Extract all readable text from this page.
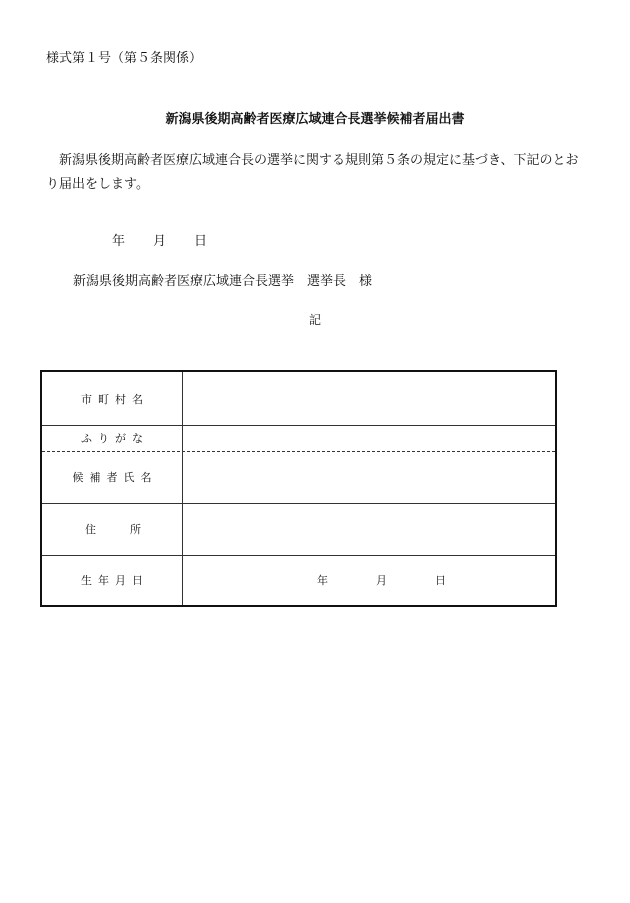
様式第１号（第５条関係）
新潟県後期高齢者医療広域連合長選挙候補者届出書
新潟県後期高齢者医療広域連合長の選挙に関する規則第５条の規定に基づき、下記のとおり届出をします。
年 月 日
新潟県後期高齢者医療広域連合長選挙　選挙長　様
記
市町村名
ふりがな
候補者氏名
住　　所
生年月日	年	月	日
